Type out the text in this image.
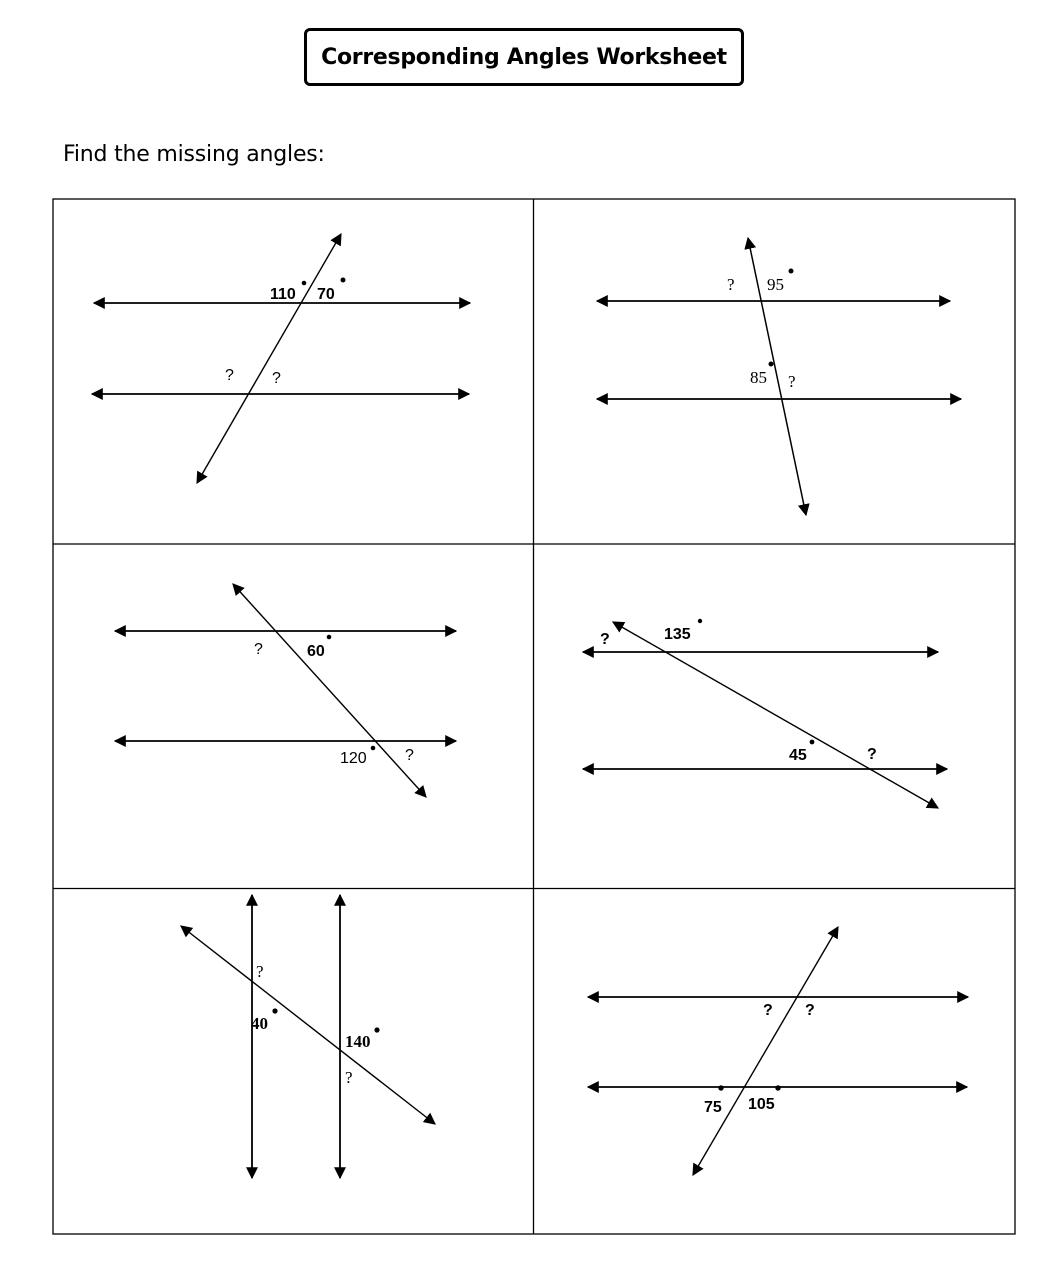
Corresponding Angles Worksheet
Find the missing angles:
110 70
? ?
? 95
85 ?
?	60
120 ?
?	135
45	?
?
40
140
?
? ?
75 105
